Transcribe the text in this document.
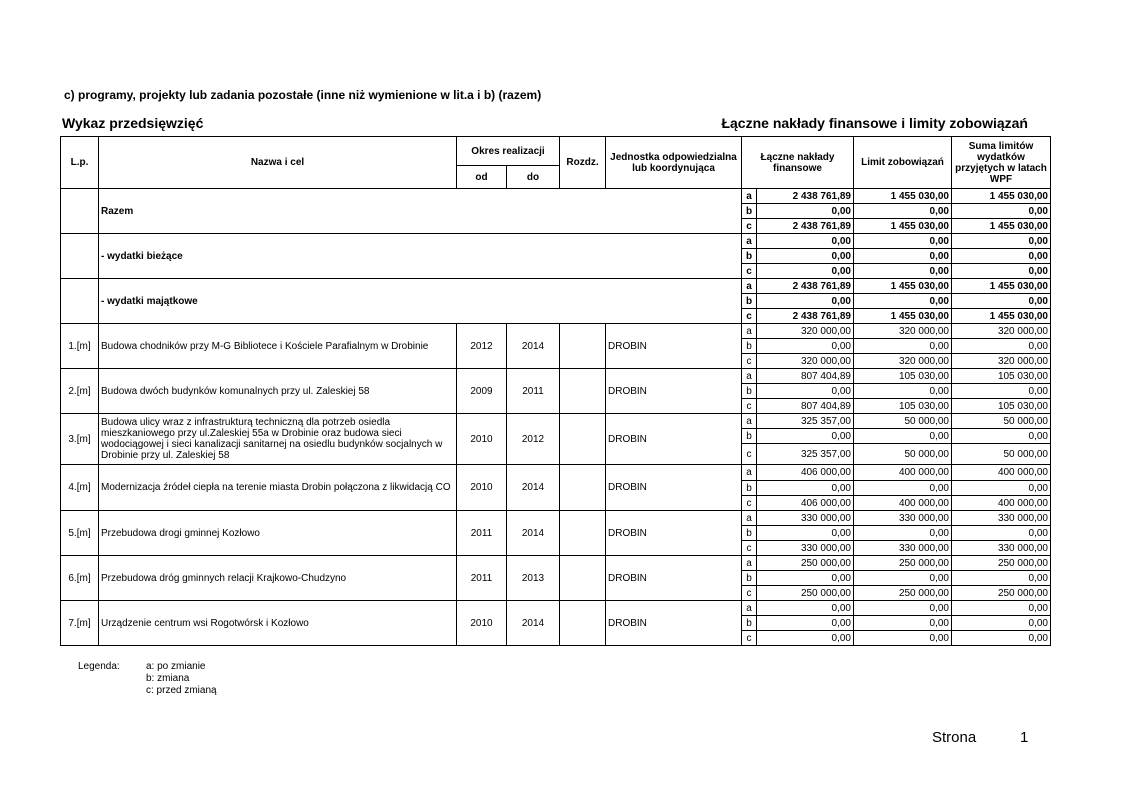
c) programy, projekty lub zadania pozostałe (inne niż wymienione w lit.a i b) (razem)
Wykaz przedsięwzięć	Łączne nakłady finansowe i limity zobowiązań
L.p.	Nazwa i cel	Okres realizacji		Rozdz.	Jednostka odpowiedzialna lub koordynująca	Łączne nakłady finansowe		Limit zobowiązań	Suma limitów wydatków przyjętych w latach WPF
		od	do						
	Razem					a	2 438 761,89	1 455 030,00	1 455 030,00
						b	0,00	0,00	0,00
						c	2 438 761,89	1 455 030,00	1 455 030,00
	- wydatki bieżące					a	0,00	0,00	0,00
						b	0,00	0,00	0,00
						c	0,00	0,00	0,00
	- wydatki majątkowe					a	2 438 761,89	1 455 030,00	1 455 030,00
						b	0,00	0,00	0,00
						c	2 438 761,89	1 455 030,00	1 455 030,00
1.[m]	Budowa chodników przy M-G Bibliotece i Kościele Parafialnym w Drobinie	2012	2014		DROBIN	a	320 000,00	320 000,00	320 000,00
						b	0,00	0,00	0,00
						c	320 000,00	320 000,00	320 000,00
2.[m]	Budowa dwóch budynków komunalnych przy ul. Zaleskiej 58	2009	2011		DROBIN	a	807 404,89	105 030,00	105 030,00
						b	0,00	0,00	0,00
						c	807 404,89	105 030,00	105 030,00
3.[m]	Budowa ulicy wraz z infrastrukturą techniczną dla potrzeb osiedla mieszkaniowego przy ul.Zaleskiej 55a w Drobinie oraz budowa sieci wodociągowej i sieci kanalizacji sanitarnej na osiedlu budynków socjalnych w Drobinie przy ul. Zaleskiej 58	2010	2012		DROBIN	a	325 357,00	50 000,00	50 000,00
						b	0,00	0,00	0,00
						c	325 357,00	50 000,00	50 000,00
4.[m]	Modernizacja źródeł ciepła na terenie miasta Drobin połączona z likwidacją CO	2010	2014		DROBIN	a	406 000,00	400 000,00	400 000,00
						b	0,00	0,00	0,00
						c	406 000,00	400 000,00	400 000,00
5.[m]	Przebudowa drogi gminnej Kozłowo	2011	2014		DROBIN	a	330 000,00	330 000,00	330 000,00
						b	0,00	0,00	0,00
						c	330 000,00	330 000,00	330 000,00
6.[m]	Przebudowa dróg gminnych relacji Krajkowo-Chudzyno	2011	2013		DROBIN	a	250 000,00	250 000,00	250 000,00
						b	0,00	0,00	0,00
						c	250 000,00	250 000,00	250 000,00
7.[m]	Urządzenie centrum wsi Rogotwórsk i Kozłowo	2010	2014		DROBIN	a	0,00	0,00	0,00
						b	0,00	0,00	0,00
						c	0,00	0,00	0,00
Legenda:	a: po zmianie
b: zmiana
c: przed zmianą
Strona	1
